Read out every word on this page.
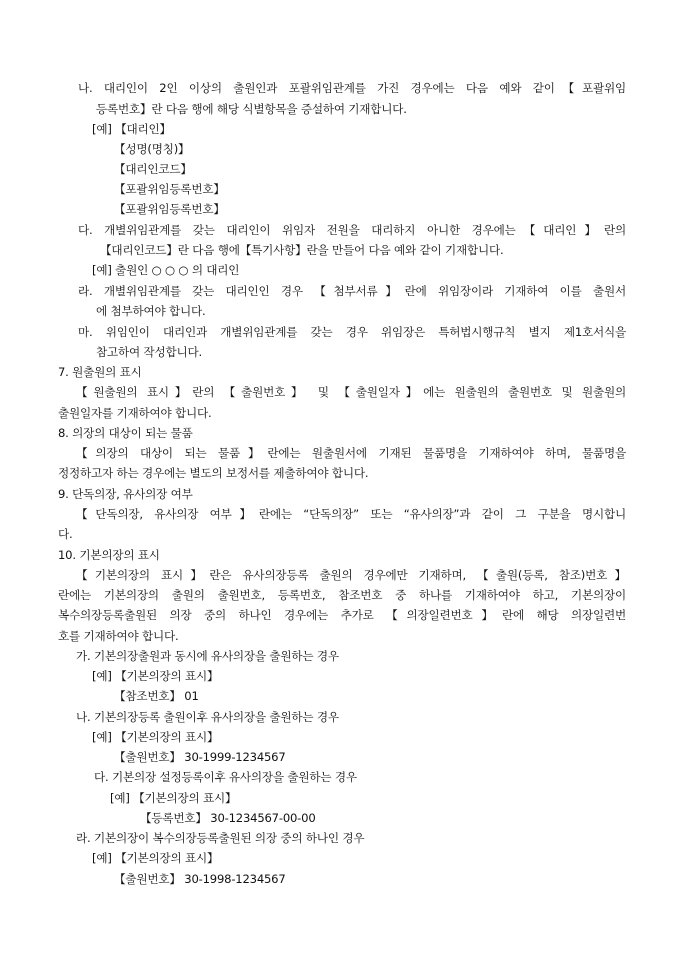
나. 대리인이 2인 이상의 출원인과 포괄위임관계를 가진 경우에는 다음 예와 같이【포괄위임
등록번호】란 다음 행에 해당 식별항목을 증설하여 기재합니다.
[예] 【대리인】
【성명(명칭)】
【대리인코드】
【포괄위임등록번호】
【포괄위임등록번호】
다. 개별위임관계를 갖는 대리인이 위임자 전원을 대리하지 아니한 경우에는【대리인】란의
【대리인코드】란 다음 행에【특기사항】란을 만들어 다음 예와 같이 기재합니다.
[예] 출원인 ○ ○ ○ 의 대리인
라. 개별위임관계를 갖는 대리인인 경우 【첨부서류】란에 위임장이라 기재하여 이를 출원서
에 첨부하여야 합니다.
마. 위임인이 대리인과 개별위임관계를 갖는 경우 위임장은 특허법시행규칙 별지 제1호서식을
참고하여 작성합니다.
7. 원출원의 표시
【원출원의 표시】란의 【출원번호】 및 【출원일자】에는 원출원의 출원번호 및 원출원의
출원일자를 기재하여야 합니다.
8. 의장의 대상이 되는 물품
【의장의 대상이 되는 물품】란에는 원출원서에 기재된 물품명을 기재하여야 하며, 물품명을
정정하고자 하는 경우에는 별도의 보정서를 제출하여야 합니다.
9. 단독의장, 유사의장 여부
【단독의장, 유사의장 여부】란에는 “단독의장” 또는 “유사의장”과 같이 그 구분을 명시합니
다.
10. 기본의장의 표시
【기본의장의 표시】란은 유사의장등록 출원의 경우에만 기재하며, 【출원(등록, 참조)번호】
란에는 기본의장의 출원의 출원번호, 등록번호, 참조번호 중 하나를 기재하여야 하고, 기본의장이
복수의장등록출원된 의장 중의 하나인 경우에는 추가로 【의장일련번호】란에 해당 의장일련번
호를 기재하여야 합니다.
가. 기본의장출원과 동시에 유사의장을 출원하는 경우
[예] 【기본의장의 표시】
【참조번호】 01
나. 기본의장등록 출원이후 유사의장을 출원하는 경우
[예] 【기본의장의 표시】
【출원번호】 30-1999-1234567
다. 기본의장 설정등록이후 유사의장을 출원하는 경우
[예] 【기본의장의 표시】
【등록번호】 30-1234567-00-00
라. 기본의장이 복수의장등록출원된 의장 중의 하나인 경우
[예] 【기본의장의 표시】
【출원번호】 30-1998-1234567
